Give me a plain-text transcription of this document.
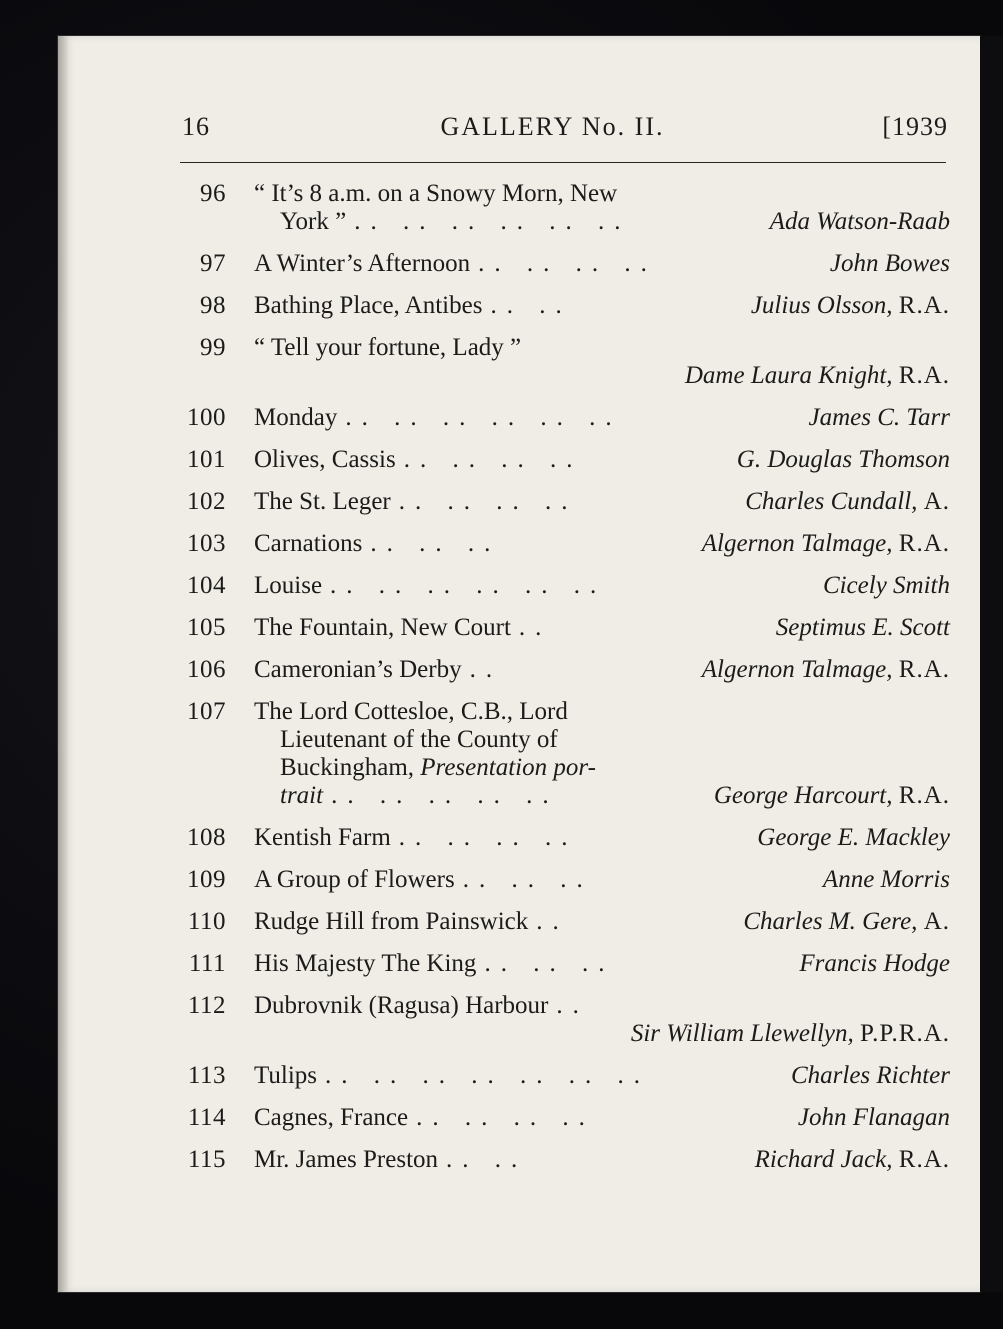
16	GALLERY No. II.	[1939
96 “ It’s 8 a.m. on a Snowy Morn, New
York ” .. .. .. .. .. ..	Ada Watson-Raab
97 A Winter’s Afternoon .. .. .. ..	John Bowes
98 Bathing Place, Antibes .. ..	Julius Olsson, R.A.
99 “ Tell your fortune, Lady ”
Dame Laura Knight, R.A.
100 Monday .. .. .. .. .. ..	James C. Tarr
101 Olives, Cassis .. .. .. ..	G. Douglas Thomson
102 The St. Leger .. .. .. ..	Charles Cundall, A.
103 Carnations .. .. ..	Algernon Talmage, R.A.
104 Louise .. .. .. .. .. ..	Cicely Smith
105 The Fountain, New Court ..	Septimus E. Scott
106 Cameronian’s Derby ..	Algernon Talmage, R.A.
107 The Lord Cottesloe, C.B., Lord
Lieutenant of the County of
Buckingham, Presentation por-
trait .. .. .. .. ..	George Harcourt, R.A.
108 Kentish Farm .. .. .. ..	George E. Mackley
109 A Group of Flowers .. .. ..	Anne Morris
110 Rudge Hill from Painswick ..	Charles M. Gere, A.
111 His Majesty The King .. .. ..	Francis Hodge
112 Dubrovnik (Ragusa) Harbour ..
Sir William Llewellyn, P.P.R.A.
113 Tulips .. .. .. .. .. .. ..	Charles Richter
114 Cagnes, France .. .. .. ..	John Flanagan
115 Mr. James Preston .. ..	Richard Jack, R.A.
